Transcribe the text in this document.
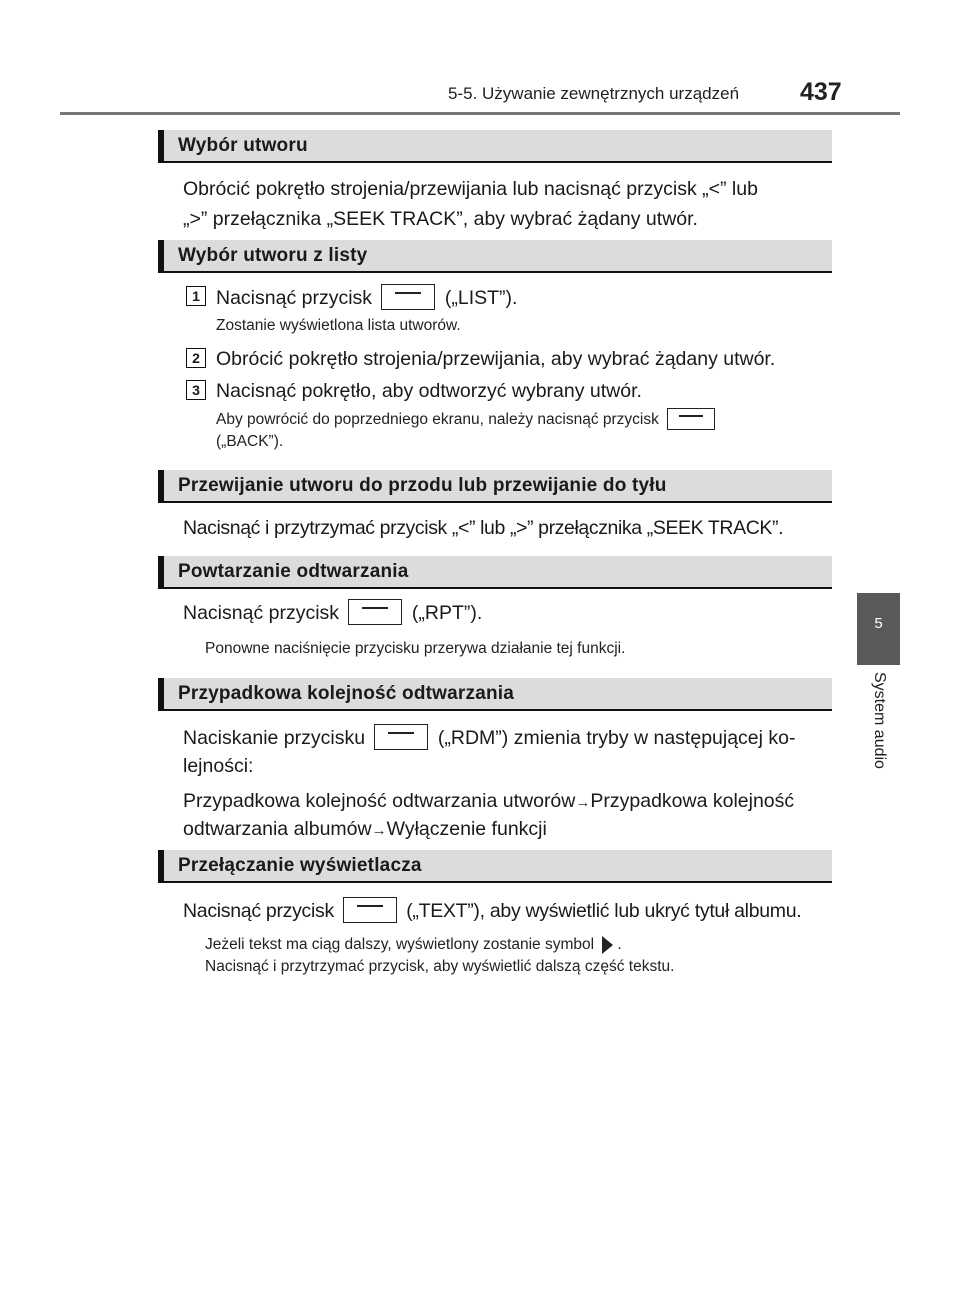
5-5. Używanie zewnętrznych urządzeń 437
5
System audio
Wybór utworu
Obrócić pokrętło strojenia/przewijania lub nacisnąć przycisk „<” lub
„>” przełącznika „SEEK TRACK”, aby wybrać żądany utwór.
Wybór utworu z listy
1 Nacisnąć przycisk	(„LIST”).
Zostanie wyświetlona lista utworów.
2 Obrócić pokrętło strojenia/przewijania, aby wybrać żądany utwór.
3 Nacisnąć pokrętło, aby odtworzyć wybrany utwór.
Aby powrócić do poprzedniego ekranu, należy nacisnąć przycisk
(„BACK”).
Przewijanie utworu do przodu lub przewijanie do tyłu
Nacisnąć i przytrzymać przycisk „<” lub „>” przełącznika „SEEK TRACK”.
Powtarzanie odtwarzania
Nacisnąć przycisk	(„RPT”).
Ponowne naciśnięcie przycisku przerywa działanie tej funkcji.
Przypadkowa kolejność odtwarzania
Naciskanie przycisku	(„RDM”) zmienia tryby w następującej ko-
lejności:
Przypadkowa kolejność odtwarzania utworów→Przypadkowa kolejność
odtwarzania albumów→Wyłączenie funkcji
Przełączanie wyświetlacza
Nacisnąć przycisk	(„TEXT”), aby wyświetlić lub ukryć tytuł albumu.
Jeżeli tekst ma ciąg dalszy, wyświetlony zostanie symbol .
Nacisnąć i przytrzymać przycisk, aby wyświetlić dalszą część tekstu.
